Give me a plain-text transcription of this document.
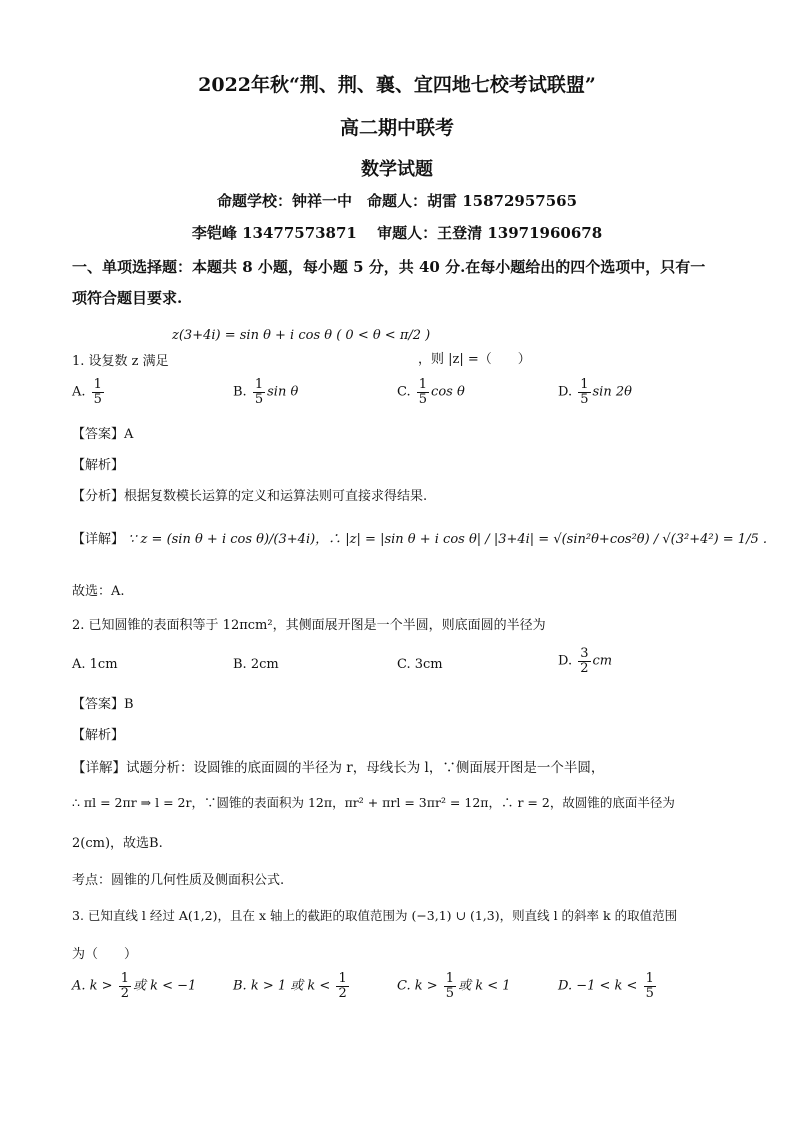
2022年秋“荆、荆、襄、宜四地七校考试联盟”
高二期中联考
数学试题
命题学校：钟祥一中　命题人：胡雷 15872957565
李铠峰 13477573871　 审题人：王登清 13971960678
一、单项选择题：本题共 8 小题，每小题 5 分，共 40 分.在每小题给出的四个选项中，只有一
项符合题目要求.
z(3+4i) = sin θ + i cos θ ( 0 < θ < π/2 )
1. 设复数 z 满足	，则 |z| =（　　）
A. $\frac{1}{5}$	B. $\frac{1}{5}$ sin θ	C. $\frac{1}{5}$ cos θ	D. $\frac{1}{5}$ sin 2θ
【答案】A
【解析】
【分析】根据复数模长运算的定义和运算法则可直接求得结果.
【详解】 ∵ z = (sin θ + i cos θ)/(3+4i)，∴ |z| = |sin θ + i cos θ| / |3+4i| = √(sin²θ+cos²θ) / √(3²+4²) = 1/5 .
故选：A.
2. 已知圆锥的表面积等于 12πcm²，其侧面展开图是一个半圆，则底面圆的半径为
A. 1cm	B. 2cm	C. 3cm	D. $\frac{3}{2}$ cm
【答案】B
【解析】
【详解】试题分析：设圆锥的底面圆的半径为 r，母线长为 l，∵侧面展开图是一个半圆，
∴ πl = 2πr ⇒ l = 2r，∵圆锥的表面积为 12π，πr² + πrl = 3πr² = 12π，∴ r = 2，故圆锥的底面半径为
2(cm)，故选B.
考点：圆锥的几何性质及侧面积公式.
3. 已知直线 l 经过 A(1,2)，且在 x 轴上的截距的取值范围为 (−3,1) ∪ (1,3)，则直线 l 的斜率 k 的取值范围
为（　　）
A. $k > \frac{1}{2}$ 或 k < −1	B. k > 1 或 $k < \frac{1}{2}$	C. $k > \frac{1}{5}$ 或 k < 1	D. $-1 < k < \frac{1}{5}$
